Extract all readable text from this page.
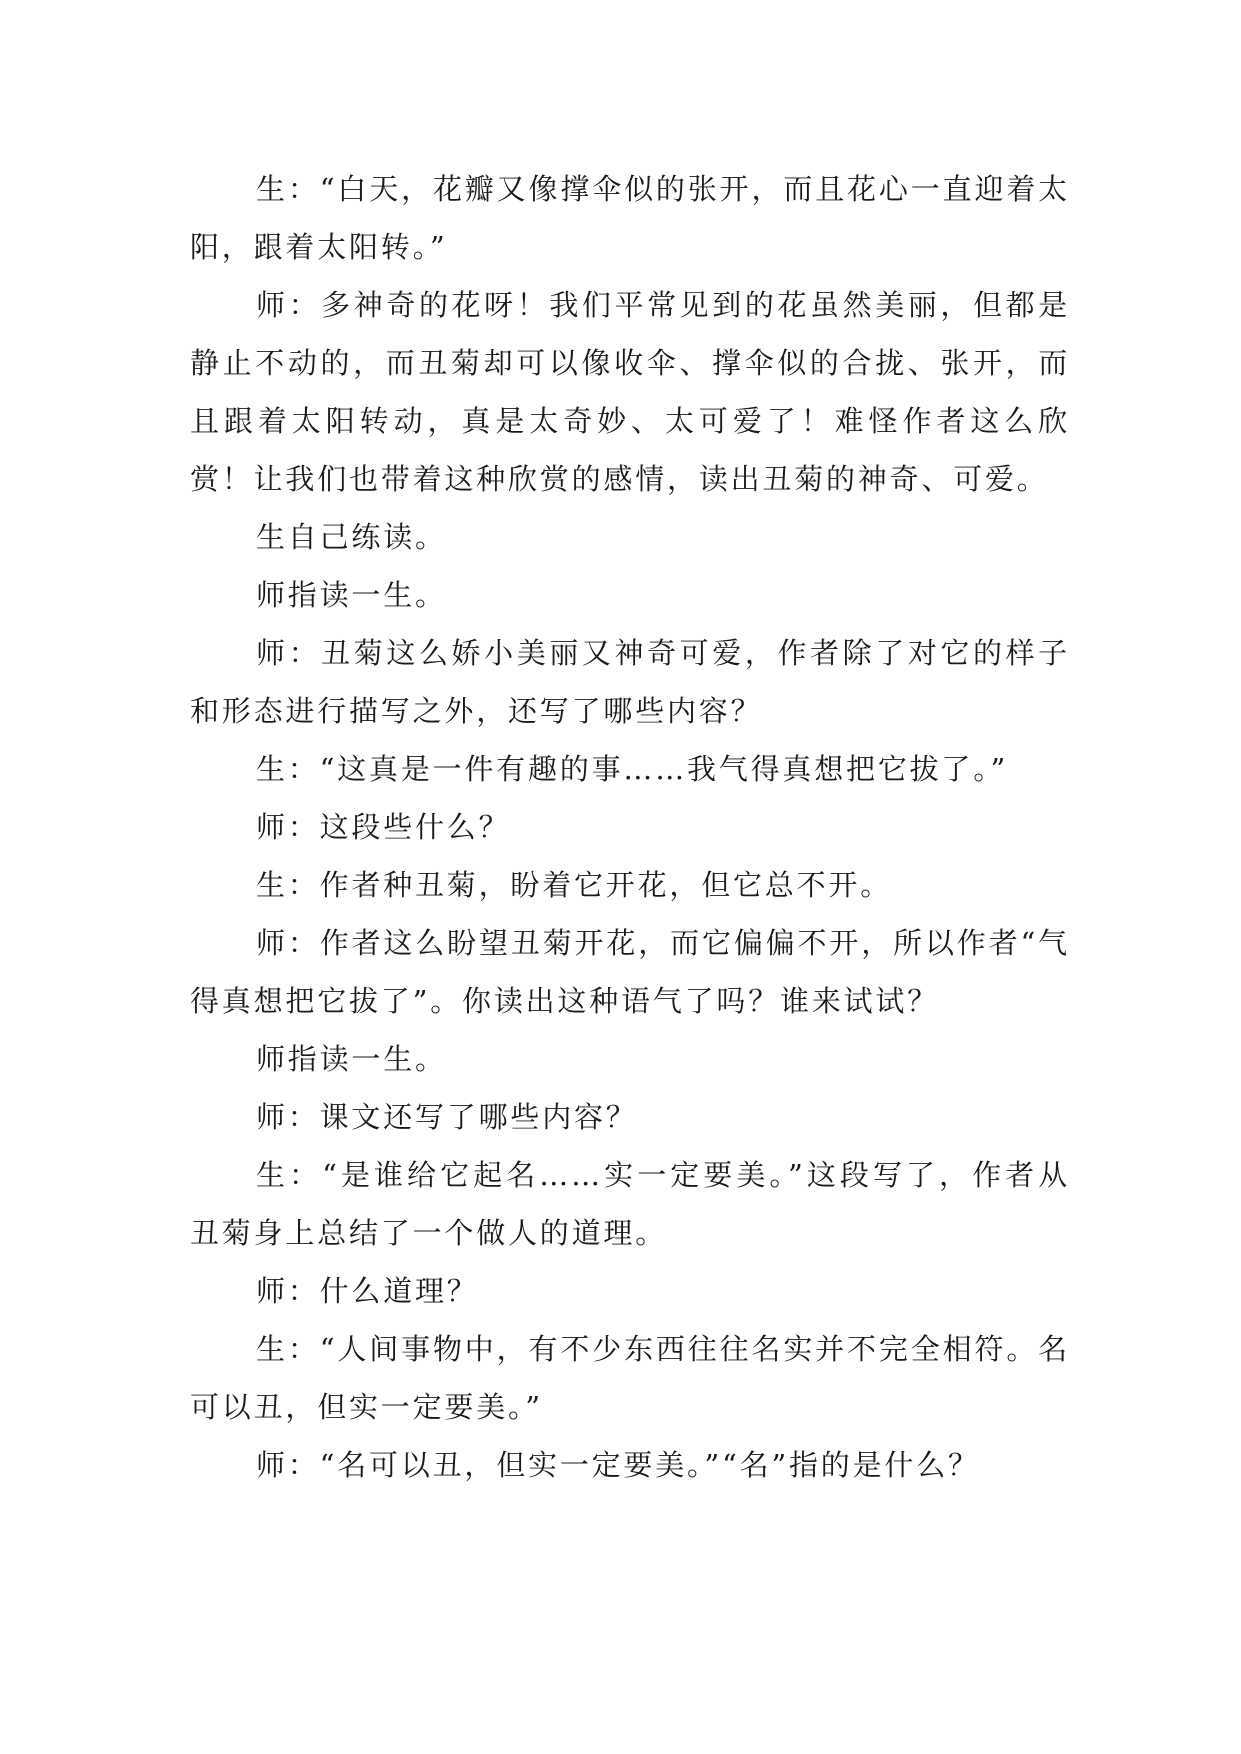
生：“白天，花瓣又像撑伞似的张开，而且花心一直迎着太阳，跟着太阳转。”

师：多神奇的花呀！我们平常见到的花虽然美丽，但都是静止不动的，而丑菊却可以像收伞、撑伞似的合拢、张开，而且跟着太阳转动，真是太奇妙、太可爱了！难怪作者这么欣赏！让我们也带着这种欣赏的感情，读出丑菊的神奇、可爱。

生自己练读。

师指读一生。

师：丑菊这么娇小美丽又神奇可爱，作者除了对它的样子和形态进行描写之外，还写了哪些内容？

生：“这真是一件有趣的事……我气得真想把它拔了。”

师：这段些什么？

生：作者种丑菊，盼着它开花，但它总不开。

师：作者这么盼望丑菊开花，而它偏偏不开，所以作者“气得真想把它拔了”。你读出这种语气了吗？谁来试试？

师指读一生。

师：课文还写了哪些内容？

生：“是谁给它起名……实一定要美。”这段写了，作者从丑菊身上总结了一个做人的道理。

师：什么道理？

生：“人间事物中，有不少东西往往名实并不完全相符。名可以丑，但实一定要美。”

师：“名可以丑，但实一定要美。”“名”指的是什么？
